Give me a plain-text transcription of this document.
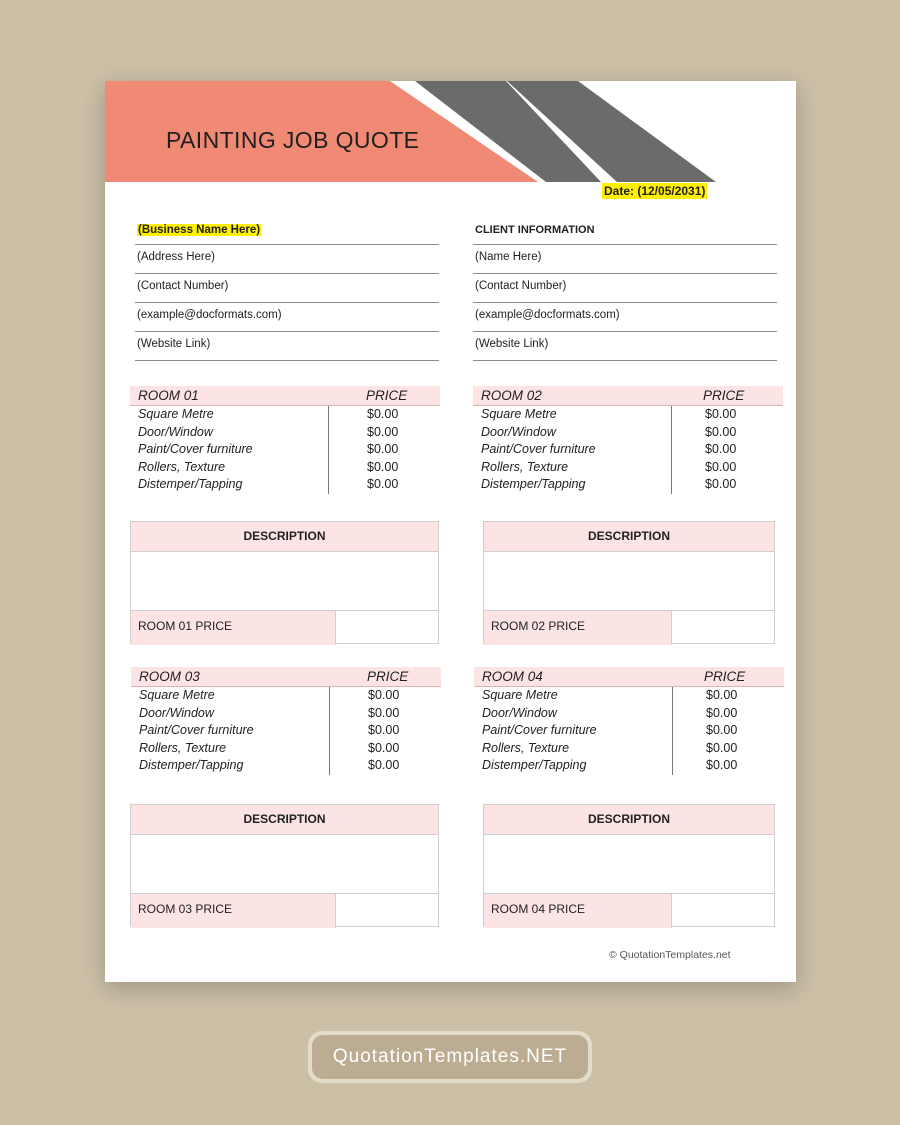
PAINTING JOB QUOTE
Date: (12/05/2031)
(Business Name Here)
(Address Here)
(Contact Number)
(example@docformats.com)
(Website Link)
CLIENT INFORMATION
(Name Here)
(Contact Number)
(example@docformats.com)
(Website Link)
ROOM 01	PRICE
Square Metre	$0.00
Door/Window	$0.00
Paint/Cover furniture	$0.00
Rollers, Texture	$0.00
Distemper/Tapping	$0.00
DESCRIPTION
ROOM 01 PRICE
ROOM 02	PRICE
Square Metre	$0.00
Door/Window	$0.00
Paint/Cover furniture	$0.00
Rollers, Texture	$0.00
Distemper/Tapping	$0.00
DESCRIPTION
ROOM 02 PRICE
ROOM 03	PRICE
Square Metre	$0.00
Door/Window	$0.00
Paint/Cover furniture	$0.00
Rollers, Texture	$0.00
Distemper/Tapping	$0.00
DESCRIPTION
ROOM 03 PRICE
ROOM 04	PRICE
Square Metre	$0.00
Door/Window	$0.00
Paint/Cover furniture	$0.00
Rollers, Texture	$0.00
Distemper/Tapping	$0.00
DESCRIPTION
ROOM 04 PRICE
© QuotationTemplates.net
QuotationTemplates.NET
